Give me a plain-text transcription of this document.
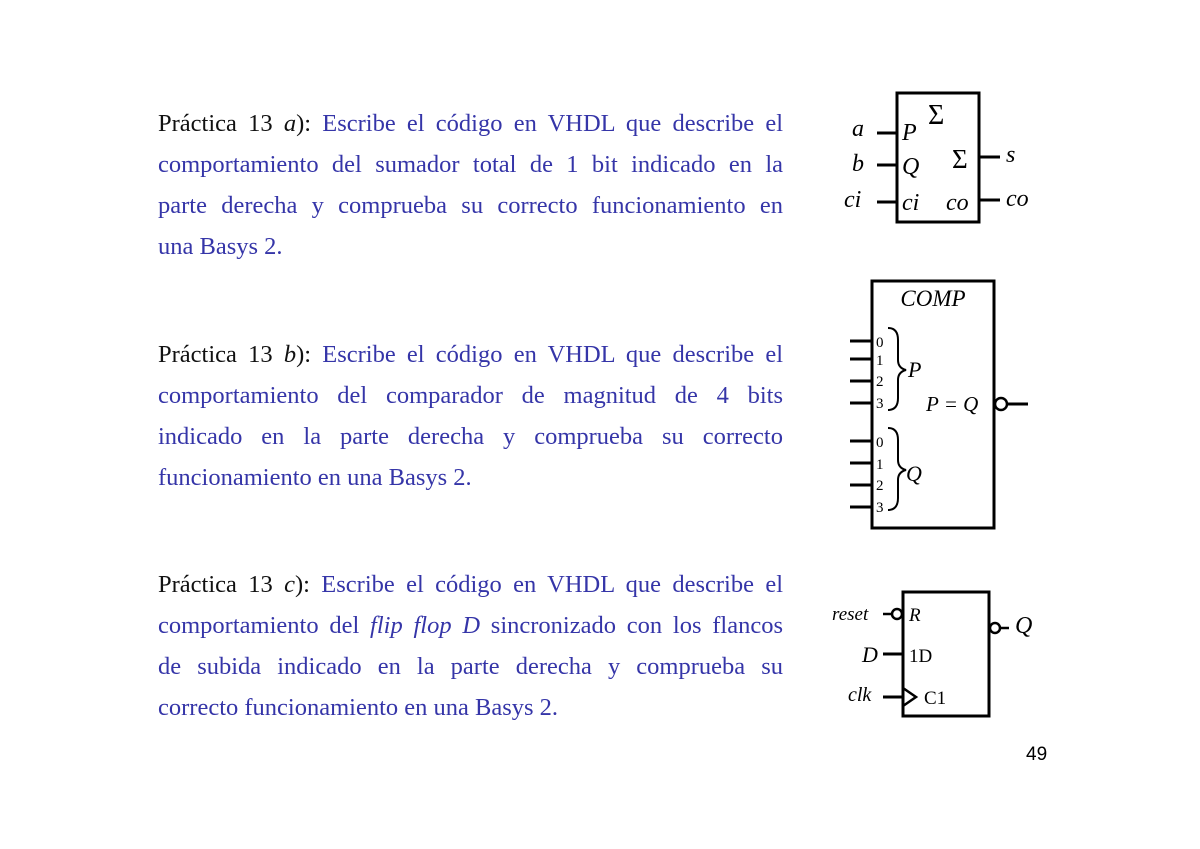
Práctica 13 a): Escribe el código en VHDL que describe el
comportamiento del sumador total de 1 bit indicado en la
parte derecha y comprueba su correcto funcionamiento en
una Basys 2.
Práctica 13 b): Escribe el código en VHDL que describe el
comportamiento del comparador de magnitud de 4 bits
indicado en la parte derecha y comprueba su correcto
funcionamiento en una Basys 2.
Práctica 13 c): Escribe el código en VHDL que describe el
comportamiento del flip flop D sincronizado con los flancos
de subida indicado en la parte derecha y comprueba su
correcto funcionamiento en una Basys 2.
Σ
a
b
ci
P
Q
ci
Σ
co
s
co
COMP
0
1
2
3
0
1
2
3
P
Q
P = Q
reset
D
clk
R
1D
C1
Q
49
